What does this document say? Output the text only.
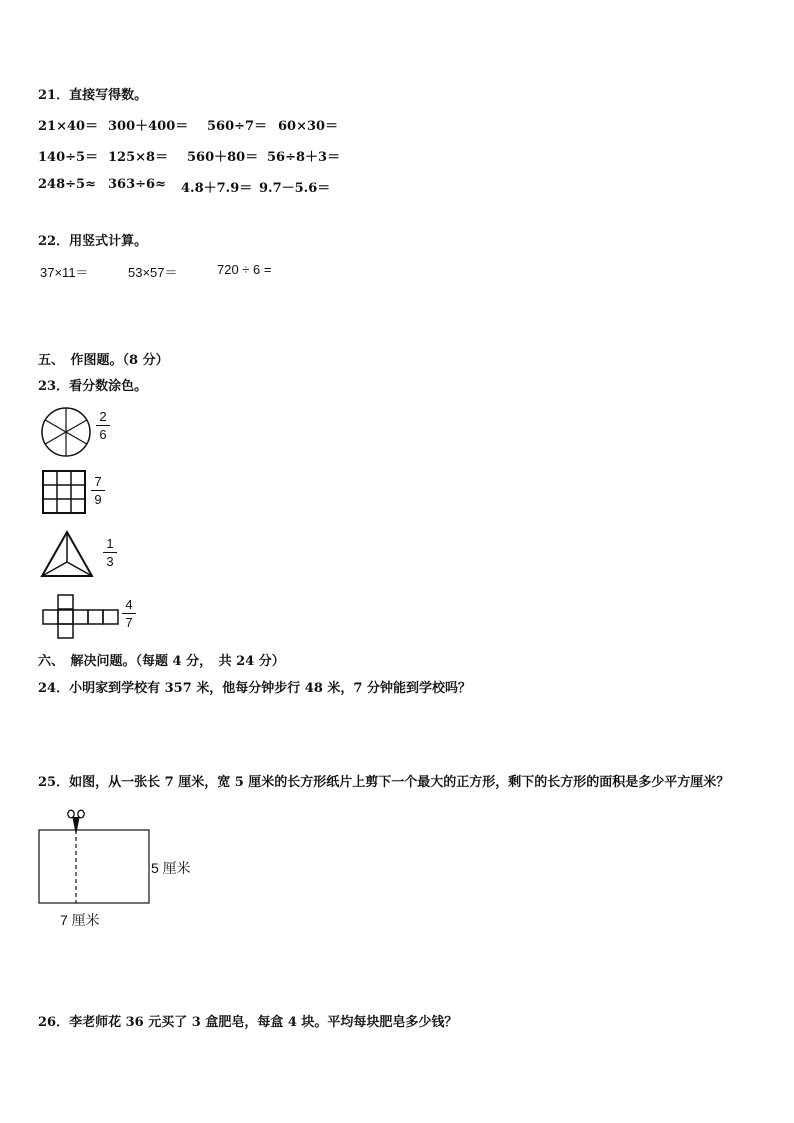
21．直接写得数。
21×40＝ 300＋400＝ 560÷7＝ 60×30＝
140÷5＝ 125×8＝ 560＋80＝ 56÷8＋3＝
248÷5≈ 363÷6≈ 4.8＋7.9＝ 9.7－5.6＝
22．用竖式计算。
37×11＝	53×57＝	720 ÷ 6 =
五、　作图题。（8 分）
23．看分数涂色。
2
6
7
9
1
3
4
7
六、　解决问题。（每题 4 分，　共 24 分）
24．小明家到学校有 357 米，他每分钟步行 48 米，7 分钟能到学校吗？
25．如图，从一张长 7 厘米，宽 5 厘米的长方形纸片上剪下一个最大的正方形，剩下的长方形的面积是多少平方厘米？
5 厘米
7 厘米
26．李老师花 36 元买了 3 盒肥皂，每盒 4 块。平均每块肥皂多少钱？
